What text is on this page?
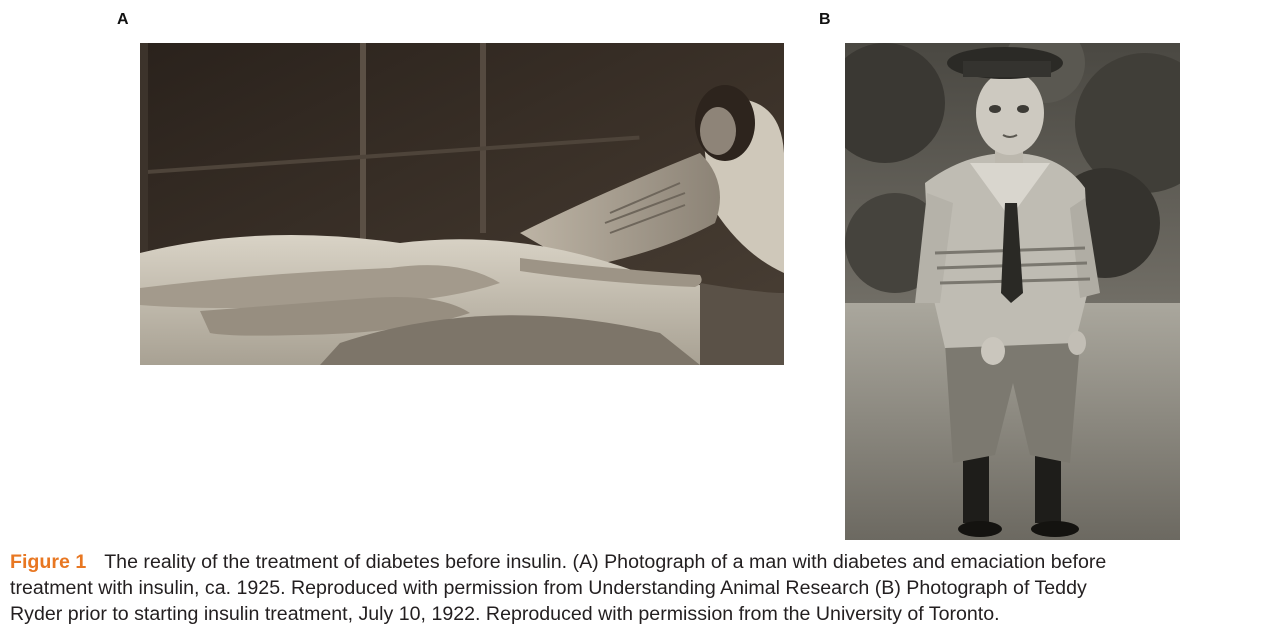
A	B

Figure 1 The reality of the treatment of diabetes before insulin. (A) Photograph of a man with diabetes and emaciation before
treatment with insulin, ca. 1925. Reproduced with permission from Understanding Animal Research (B) Photograph of Teddy
Ryder prior to starting insulin treatment, July 10, 1922. Reproduced with permission from the University of Toronto.
